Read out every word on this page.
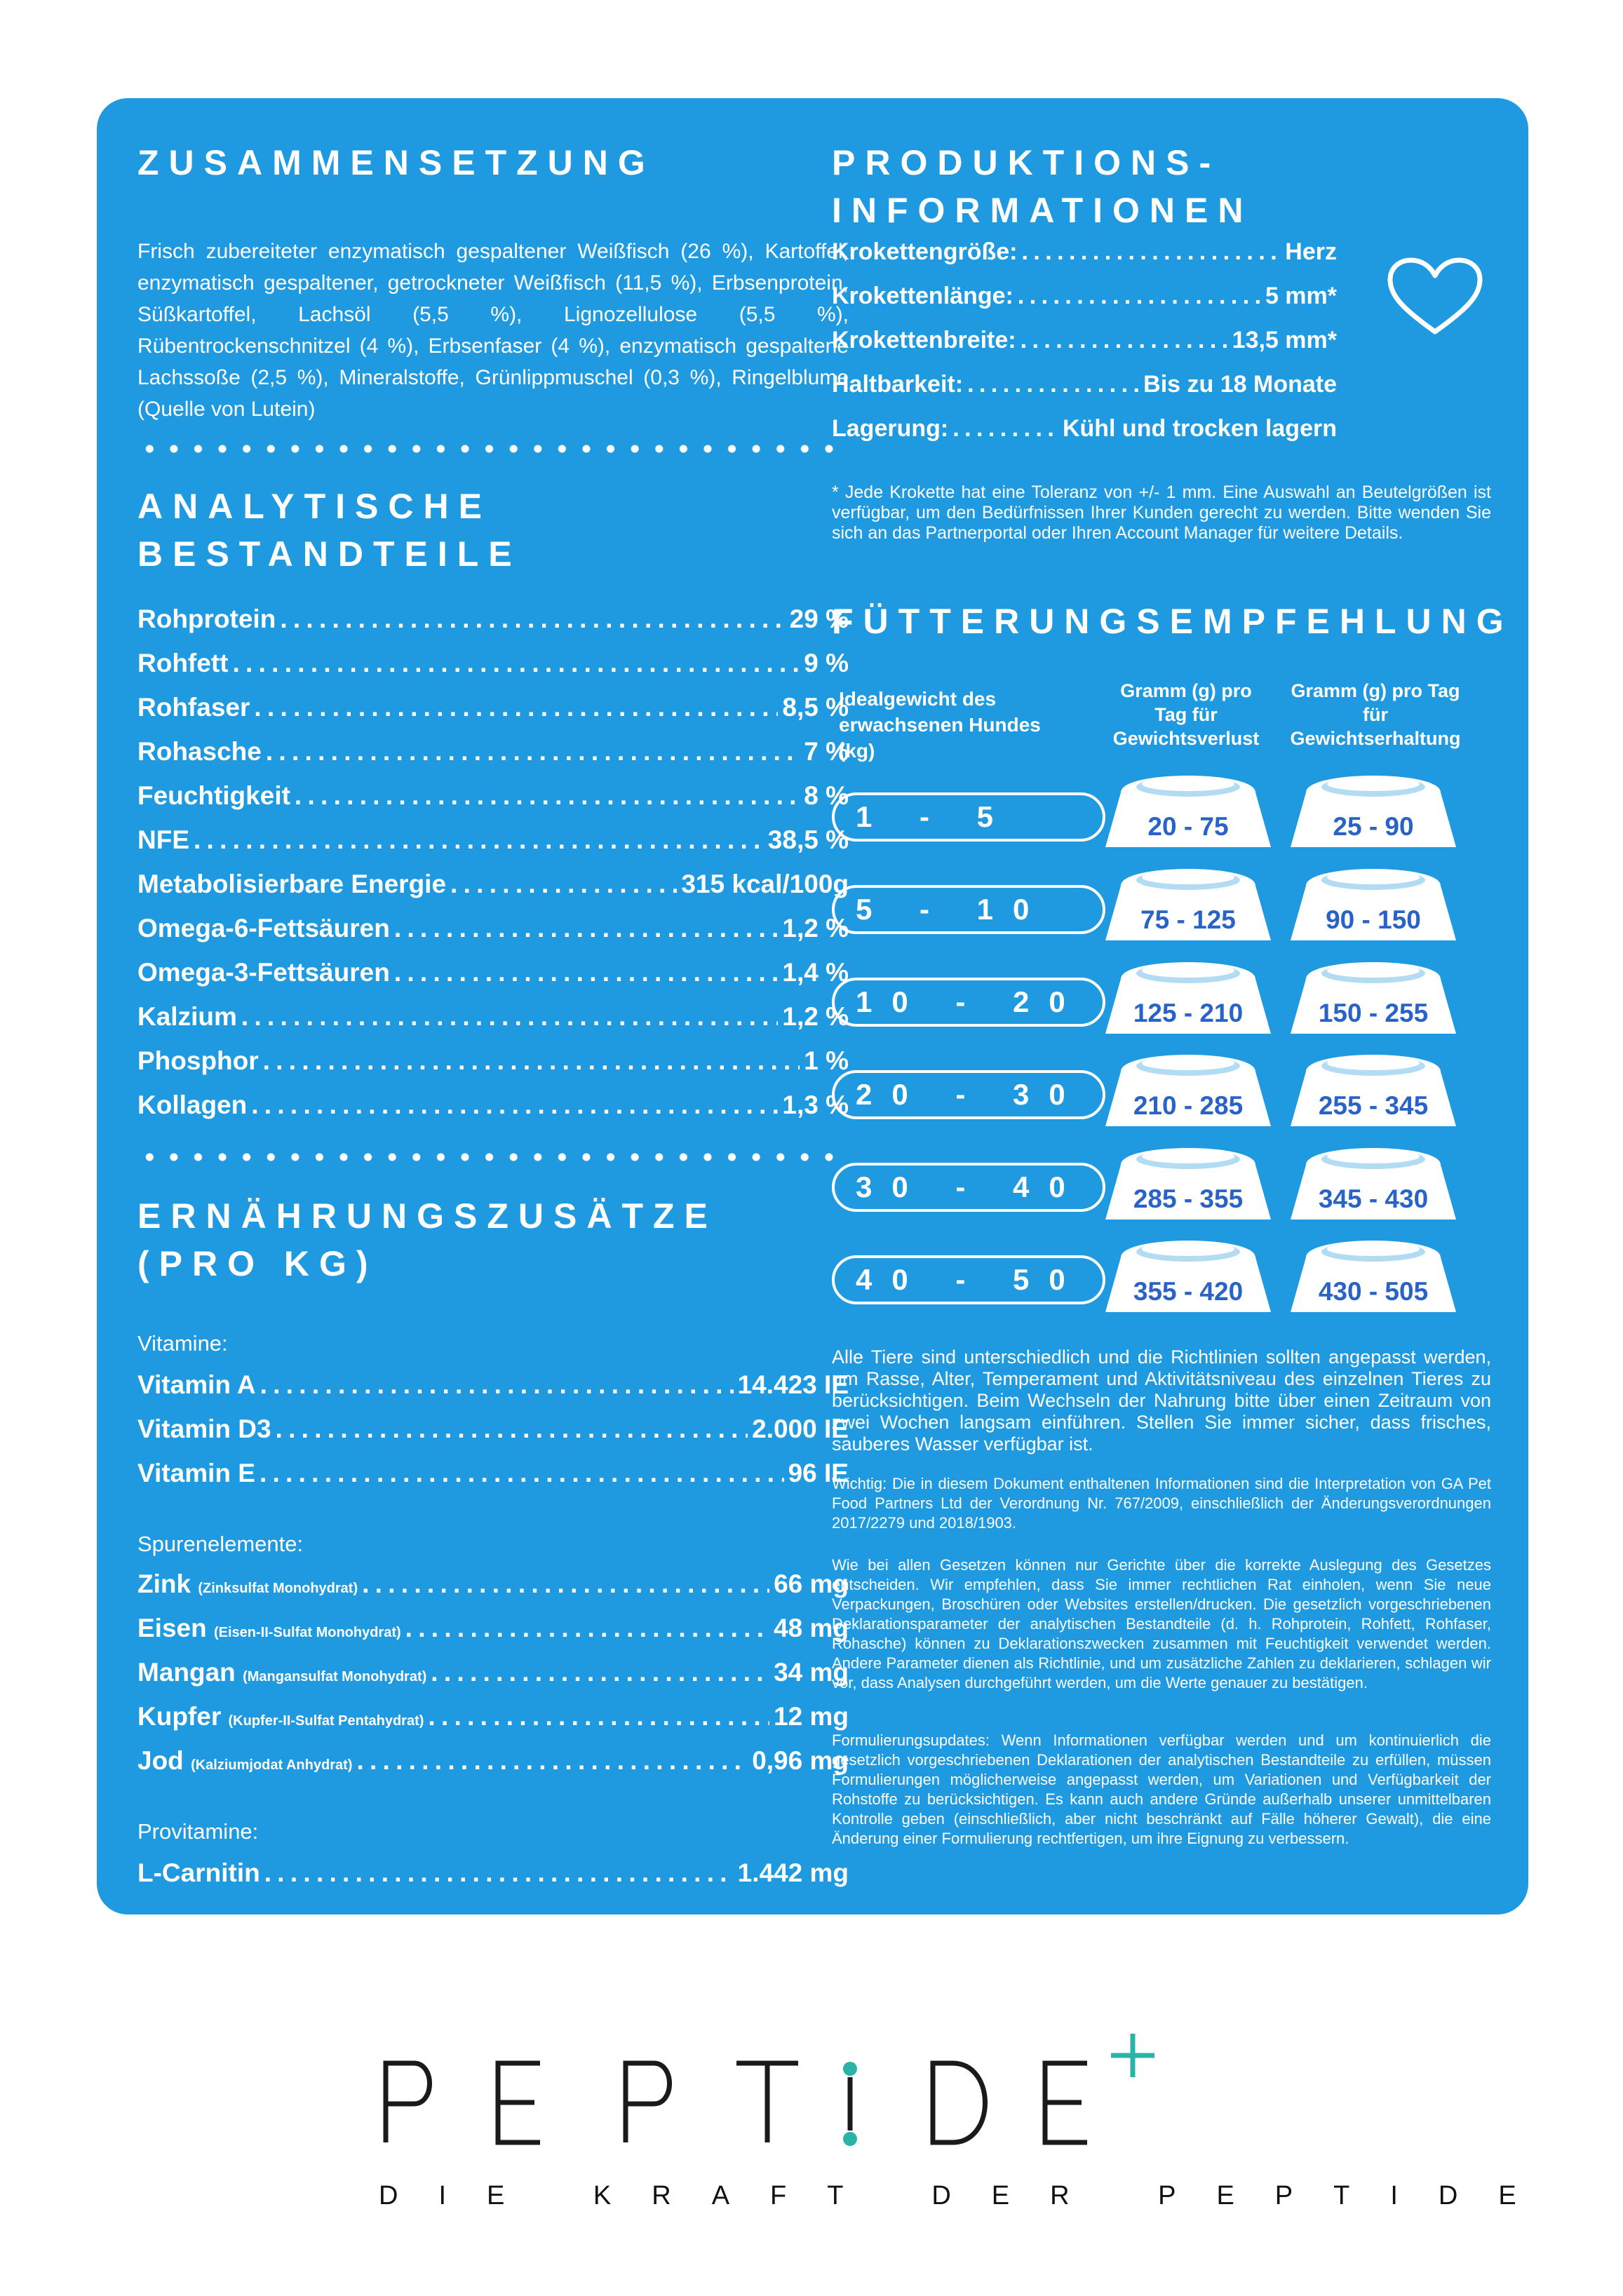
ZUSAMMENSETZUNG
Frisch zubereiteter enzymatisch gespaltener Weißfisch (26 %), Kartoffel, enzymatisch gespaltener, getrockneter Weißfisch (11,5 %), Erbsenprotein, Süßkartoffel, Lachsöl (5,5 %), Lignozellulose (5,5 %), Rübentrockenschnitzel (4 %), Erbsenfaser (4 %), enzymatisch gespaltene Lachssoße (2,5 %), Mineralstoffe, Grünlippmuschel (0,3 %), Ringelblume (Quelle von Lutein)
ANALYTISCHE
BESTANDTEILE
Rohprotein . . .	29 %
Rohfett . . .	9 %
Rohfaser . . .	8,5 %
Rohasche . . .	7 %
Feuchtigkeit . . .	8 %
NFE . . .	38,5 %
Metabolisierbare Energie . . .	315 kcal/100g
Omega-6-Fettsäuren . . .	1,2 %
Omega-3-Fettsäuren . . .	1,4 %
Kalzium . . .	1,2 %
Phosphor . . .	1 %
Kollagen . . .	1,3 %
ERNÄHRUNGSZUSÄTZE
(PRO KG)
Vitamine:
Vitamin A . . .	14.423 IE
Vitamin D3 . . .	2.000 IE
Vitamin E . . .	96 IE
Spurenelemente:
Zink (Zinksulfat Monohydrat) . . .	66 mg
Eisen (Eisen-II-Sulfat Monohydrat) . . .	48 mg
Mangan (Mangansulfat Monohydrat) . . .	34 mg
Kupfer (Kupfer-II-Sulfat Pentahydrat) . . .	12 mg
Jod (Kalziumjodat Anhydrat) . . .	0,96 mg
Provitamine:
L-Carnitin . . .	1.442 mg
PRODUKTIONS-
INFORMATIONEN
Krokettengröße: . . .	Herz
Krokettenlänge: . . .	5 mm*
Krokettenbreite: . . .	13,5 mm*
Haltbarkeit: . . .	Bis zu 18 Monate
Lagerung: . . .	Kühl und trocken lagern
* Jede Krokette hat eine Toleranz von +/- 1 mm. Eine Auswahl an Beutelgrößen ist verfügbar, um den Bedürfnissen Ihrer Kunden gerecht zu werden. Bitte wenden Sie sich an das Partnerportal oder Ihren Account Manager für weitere Details.
FÜTTERUNGSEMPFEHLUNG
Idealgewicht des erwachsenen Hundes (kg)
Gramm (g) pro Tag für Gewichtsverlust
Gramm (g) pro Tag für Gewichtserhaltung
1 - 5	20 - 75	25 - 90
5 - 10	75 - 125	90 - 150
10 - 20	125 - 210	150 - 255
20 - 30	210 - 285	255 - 345
30 - 40	285 - 355	345 - 430
40 - 50	355 - 420	430 - 505
Alle Tiere sind unterschiedlich und die Richtlinien sollten angepasst werden, um Rasse, Alter, Temperament und Aktivitätsniveau des einzelnen Tieres zu berücksichtigen. Beim Wechseln der Nahrung bitte über einen Zeitraum von zwei Wochen langsam einführen. Stellen Sie immer sicher, dass frisches, sauberes Wasser verfügbar ist.
Wichtig: Die in diesem Dokument enthaltenen Informationen sind die Interpretation von GA Pet Food Partners Ltd der Verordnung Nr. 767/2009, einschließlich der Änderungsverordnungen 2017/2279 und 2018/1903.
Wie bei allen Gesetzen können nur Gerichte über die korrekte Auslegung des Gesetzes entscheiden. Wir empfehlen, dass Sie immer rechtlichen Rat einholen, wenn Sie neue Verpackungen, Broschüren oder Websites erstellen/drucken. Die gesetzlich vorgeschriebenen Deklarationsparameter der analytischen Bestandteile (d. h. Rohprotein, Rohfett, Rohfaser, Rohasche) können zu Deklarationszwecken zusammen mit Feuchtigkeit verwendet werden. Andere Parameter dienen als Richtlinie, und um zusätzliche Zahlen zu deklarieren, schlagen wir vor, dass Analysen durchgeführt werden, um die Werte genauer zu bestätigen.
Formulierungsupdates: Wenn Informationen verfügbar werden und um kontinuierlich die gesetzlich vorgeschriebenen Deklarationen der analytischen Bestandteile zu erfüllen, müssen Formulierungen möglicherweise angepasst werden, um Variationen und Verfügbarkeit der Rohstoffe zu berücksichtigen. Es kann auch andere Gründe außerhalb unserer unmittelbaren Kontrolle geben (einschließlich, aber nicht beschränkt auf Fälle höherer Gewalt), die eine Änderung einer Formulierung rechtfertigen, um ihre Eignung zu verbessern.
DIE KRAFT DER PEPTIDE
